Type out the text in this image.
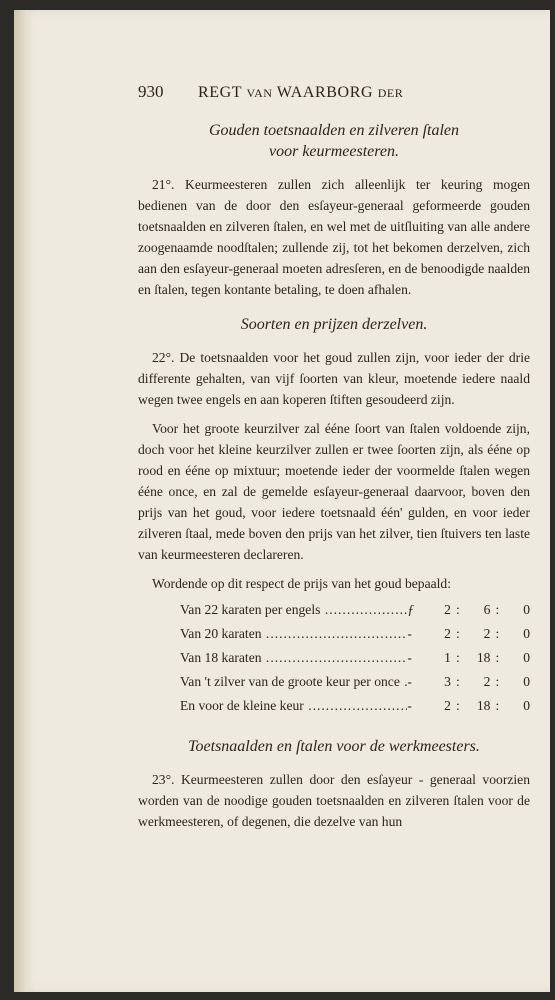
930	REGT VAN WAARBORG DER
Gouden toetsnaalden en zilveren ſtalen
voor keurmeesteren.

21°. Keurmeesteren zullen zich alleenlijk ter keuring mogen bedienen van de door den esſayeur-generaal geformeerde gouden toetsnaalden en zilveren ſtalen, en wel met de uitſluiting van alle andere zoogenaamde noodſtalen; zullende zij, tot het bekomen derzelven, zich aan den esſayeur-generaal moeten adresſeren, en de benoodigde naalden en ſtalen, tegen kontante betaling, te doen afhalen.

Soorten en prijzen derzelven.

22°. De toetsnaalden voor het goud zullen zijn, voor ieder der drie differente gehalten, van vijf ſoorten van kleur, moetende iedere naald wegen twee engels en aan koperen ſtiften gesoudeerd zijn.

Voor het groote keurzilver zal ééne ſoort van ſtalen voldoende zijn, doch voor het kleine keurzilver zullen er twee ſoorten zijn, als ééne op rood en ééne op mixtuur; moetende ieder der voormelde ſtalen wegen ééne once, en zal de gemelde esſayeur-generaal daarvoor, boven den prijs van het goud, voor iedere toetsnaald één' gulden, en voor ieder zilveren ſtaal, mede boven den prijs van het zilver, tien ſtuivers ten laste van keurmeesteren declareren.

Wordende op dit respect de prijs van het goud bepaald:

Van 22 karaten per engels .....	ƒ	2 :	6 :	0
Van 20 karaten .....	-	2 :	2 :	0
Van 18 karaten .....	-	1 :	18 :	0
Van 't zilver van de groote keur per once ..... -	3 :	2 :	0
En voor de kleine keur .....	-	2 :	18 :	0
Toetsnaalden en ſtalen voor de werkmeesters.

23°. Keurmeesteren zullen door den esſayeur - generaal voorzien worden van de noodige gouden toetsnaalden en zilveren ſtalen voor de werkmeesteren, of degenen, die dezelve van hun
